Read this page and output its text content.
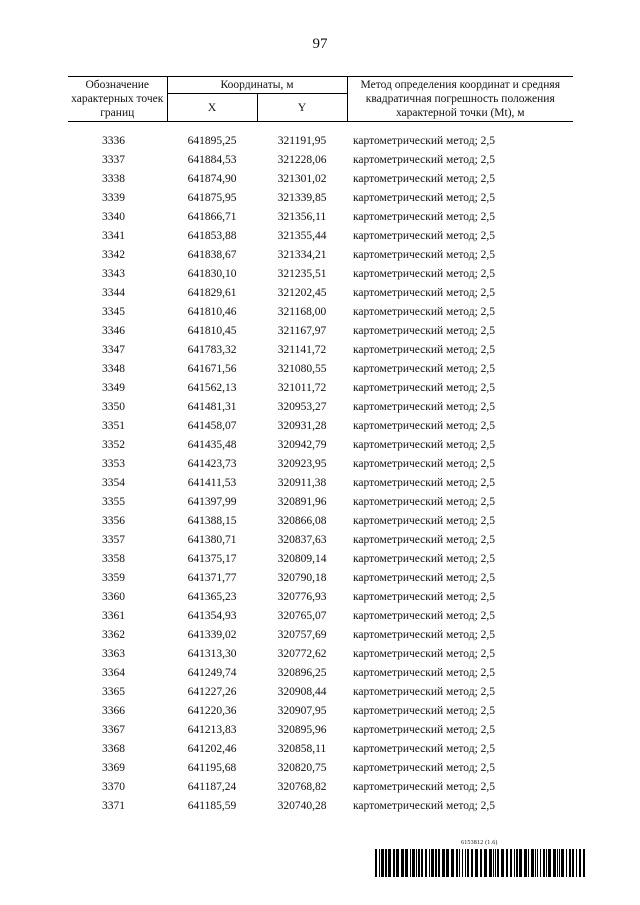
97
Обозначение характерных точек границ	Координаты, м		Метод определения координат и средняя квадратичная погрешность положения характерной точки (Mt), м
	X	Y	

3336	641895,25	321191,95	картометрический метод; 2,5
3337	641884,53	321228,06	картометрический метод; 2,5
3338	641874,90	321301,02	картометрический метод; 2,5
3339	641875,95	321339,85	картометрический метод; 2,5
3340	641866,71	321356,11	картометрический метод; 2,5
3341	641853,88	321355,44	картометрический метод; 2,5
3342	641838,67	321334,21	картометрический метод; 2,5
3343	641830,10	321235,51	картометрический метод; 2,5
3344	641829,61	321202,45	картометрический метод; 2,5
3345	641810,46	321168,00	картометрический метод; 2,5
3346	641810,45	321167,97	картометрический метод; 2,5
3347	641783,32	321141,72	картометрический метод; 2,5
3348	641671,56	321080,55	картометрический метод; 2,5
3349	641562,13	321011,72	картометрический метод; 2,5
3350	641481,31	320953,27	картометрический метод; 2,5
3351	641458,07	320931,28	картометрический метод; 2,5
3352	641435,48	320942,79	картометрический метод; 2,5
3353	641423,73	320923,95	картометрический метод; 2,5
3354	641411,53	320911,38	картометрический метод; 2,5
3355	641397,99	320891,96	картометрический метод; 2,5
3356	641388,15	320866,08	картометрический метод; 2,5
3357	641380,71	320837,63	картометрический метод; 2,5
3358	641375,17	320809,14	картометрический метод; 2,5
3359	641371,77	320790,18	картометрический метод; 2,5
3360	641365,23	320776,93	картометрический метод; 2,5
3361	641354,93	320765,07	картометрический метод; 2,5
3362	641339,02	320757,69	картометрический метод; 2,5
3363	641313,30	320772,62	картометрический метод; 2,5
3364	641249,74	320896,25	картометрический метод; 2,5
3365	641227,26	320908,44	картометрический метод; 2,5
3366	641220,36	320907,95	картометрический метод; 2,5
3367	641213,83	320895,96	картометрический метод; 2,5
3368	641202,46	320858,11	картометрический метод; 2,5
3369	641195,68	320820,75	картометрический метод; 2,5
3370	641187,24	320768,82	картометрический метод; 2,5
3371	641185,59	320740,28	картометрический метод; 2,5
6153812 (1.6)
